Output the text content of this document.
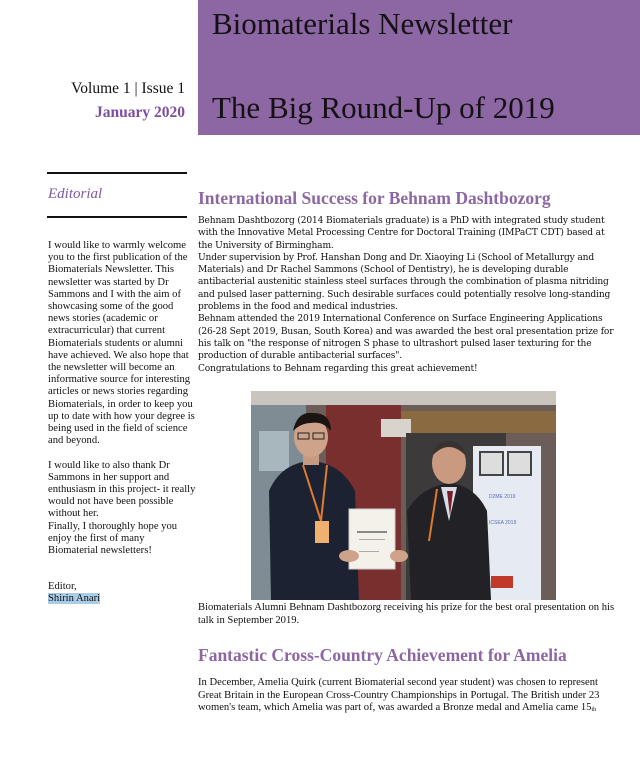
Biomaterials Newsletter
The Big Round-Up of 2019
Volume 1 | Issue 1
January 2020
Editorial

I would like to warmly welcome you to the first publication of the Biomaterials Newsletter. This newsletter was started by Dr Sammons and I with the aim of showcasing some of the good news stories (academic or extracurricular) that current Biomaterials students or alumni have achieved. We also hope that the newsletter will become an informative source for interesting articles or news stories regarding Biomaterials, in order to keep you up to date with how your degree is being used in the field of science and beyond.

I would like to also thank Dr Sammons in her support and enthusiasm in this project- it really would not have been possible without her.

Finally, I thoroughly hope you enjoy the first of many Biomaterial newsletters!

Editor,

Shirin Anari

International Success for Behnam Dashtbozorg

Behnam Dashtbozorg (2014 Biomaterials graduate) is a PhD with integrated study student with the Innovative Metal Processing Centre for Doctoral Training (IMPaCT CDT) based at the University of Birmingham.

Under supervision by Prof. Hanshan Dong and Dr. Xiaoying Li (School of Metallurgy and Materials) and Dr Rachel Sammons (School of Dentistry), he is developing durable antibacterial austenitic stainless steel surfaces through the combination of plasma nitriding and pulsed laser patterning. Such desirable surfaces could potentially resolve long-standing problems in the food and medical industries.

Behnam attended the 2019 International Conference on Surface Engineering Applications (26-28 Sept 2019, Busan, South Korea) and was awarded the best oral presentation prize for his talk on "the response of nitrogen S phase to ultrashort pulsed laser texturing for the production of durable antibacterial surfaces".

Congratulations to Behnam regarding this great achievement!

D2ME 2019
ICSEA 2019
Biomaterials Alumni Behnam Dashtbozorg receiving his prize for the best oral presentation on his talk in September 2019.
Fantastic Cross-Country Achievement for Amelia

In December, Amelia Quirk (current Biomaterial second year student) was chosen to represent Great Britain in the European Cross-Country Championships in Portugal. The British under 23 women's team, which Amelia was part of, was awarded a Bronze medal and Amelia came 15th
